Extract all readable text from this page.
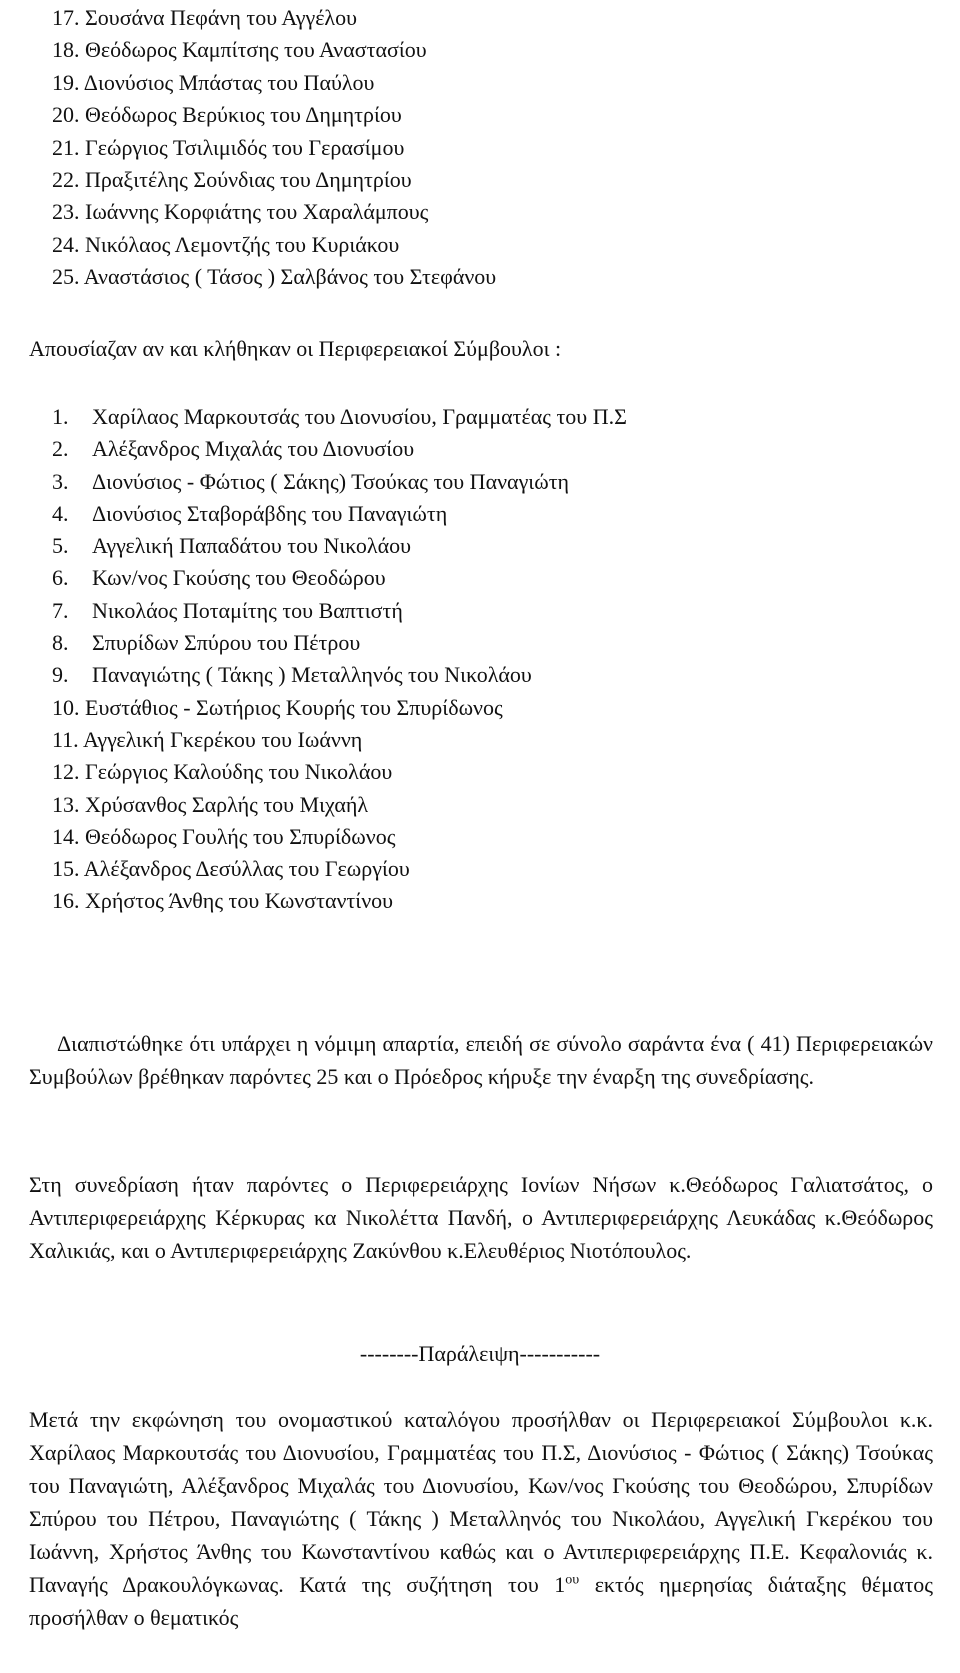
17. Σουσάνα Πεφάνη του Αγγέλου
18. Θεόδωρος Καμπίτσης του Αναστασίου
19. Διονύσιος Μπάστας του Παύλου
20. Θεόδωρος Βερύκιος του Δημητρίου
21. Γεώργιος Τσιλιμιδός του Γερασίμου
22. Πραξιτέλης Σούνδιας του Δημητρίου
23. Ιωάννης Κορφιάτης του Χαραλάμπους
24. Νικόλαος Λεμοντζής του Κυριάκου
25. Αναστάσιος ( Τάσος ) Σαλβάνος του Στεφάνου
Απουσίαζαν αν και κλήθηκαν οι Περιφερειακοί Σύμβουλοι :
1. Χαρίλαος Μαρκουτσάς του Διονυσίου, Γραμματέας του Π.Σ
2. Αλέξανδρος Μιχαλάς του Διονυσίου
3. Διονύσιος - Φώτιος ( Σάκης) Τσούκας του Παναγιώτη
4. Διονύσιος Σταβοράβδης του Παναγιώτη
5. Αγγελική Παπαδάτου του Νικολάου
6. Κων/νος Γκούσης του Θεοδώρου
7. Νικολάος Ποταμίτης του Βαπτιστή
8. Σπυρίδων Σπύρου του Πέτρου
9. Παναγιώτης ( Τάκης ) Μεταλληνός του Νικολάου
10. Ευστάθιος - Σωτήριος Κουρής του Σπυρίδωνος
11. Αγγελική Γκερέκου του Ιωάννη
12. Γεώργιος Καλούδης του Νικολάου
13. Χρύσανθος Σαρλής του Μιχαήλ
14. Θεόδωρος Γουλής του Σπυρίδωνος
15. Αλέξανδρος Δεσύλλας του Γεωργίου
16. Χρήστος Άνθης του Κωνσταντίνου

Διαπιστώθηκε ότι υπάρχει η νόμιμη απαρτία, επειδή σε σύνολο σαράντα ένα ( 41) Περιφερειακών Συμβούλων βρέθηκαν παρόντες 25 και ο Πρόεδρος κήρυξε την έναρξη της συνεδρίασης.

Στη συνεδρίαση ήταν παρόντες ο Περιφερειάρχης Ιονίων Νήσων κ.Θεόδωρος Γαλιατσάτος, ο Αντιπεριφερειάρχης Κέρκυρας κα Νικολέττα Πανδή, ο Αντιπεριφερειάρχης Λευκάδας κ.Θεόδωρος Χαλικιάς, και ο Αντιπεριφερειάρχης Ζακύνθου κ.Ελευθέριος Νιοτόπουλος.

--------Παράλειψη-----------

Μετά την εκφώνηση του ονομαστικού καταλόγου προσήλθαν οι Περιφερειακοί Σύμβουλοι κ.κ. Χαρίλαος Μαρκουτσάς του Διονυσίου, Γραμματέας του Π.Σ, Διονύσιος - Φώτιος ( Σάκης) Τσούκας του Παναγιώτη, Αλέξανδρος Μιχαλάς του Διονυσίου, Κων/νος Γκούσης του Θεοδώρου, Σπυρίδων Σπύρου του Πέτρου, Παναγιώτης ( Τάκης ) Μεταλληνός του Νικολάου, Αγγελική Γκερέκου του Ιωάννη, Χρήστος Άνθης του Κωνσταντίνου καθώς και ο Αντιπεριφερειάρχης Π.Ε. Κεφαλονιάς κ. Παναγής Δρακουλόγκωνας. Κατά της συζήτηση του $1^{o\upsilon}$ εκτός ημερησίας διάταξης θέματος προσήλθαν ο θεματικός
